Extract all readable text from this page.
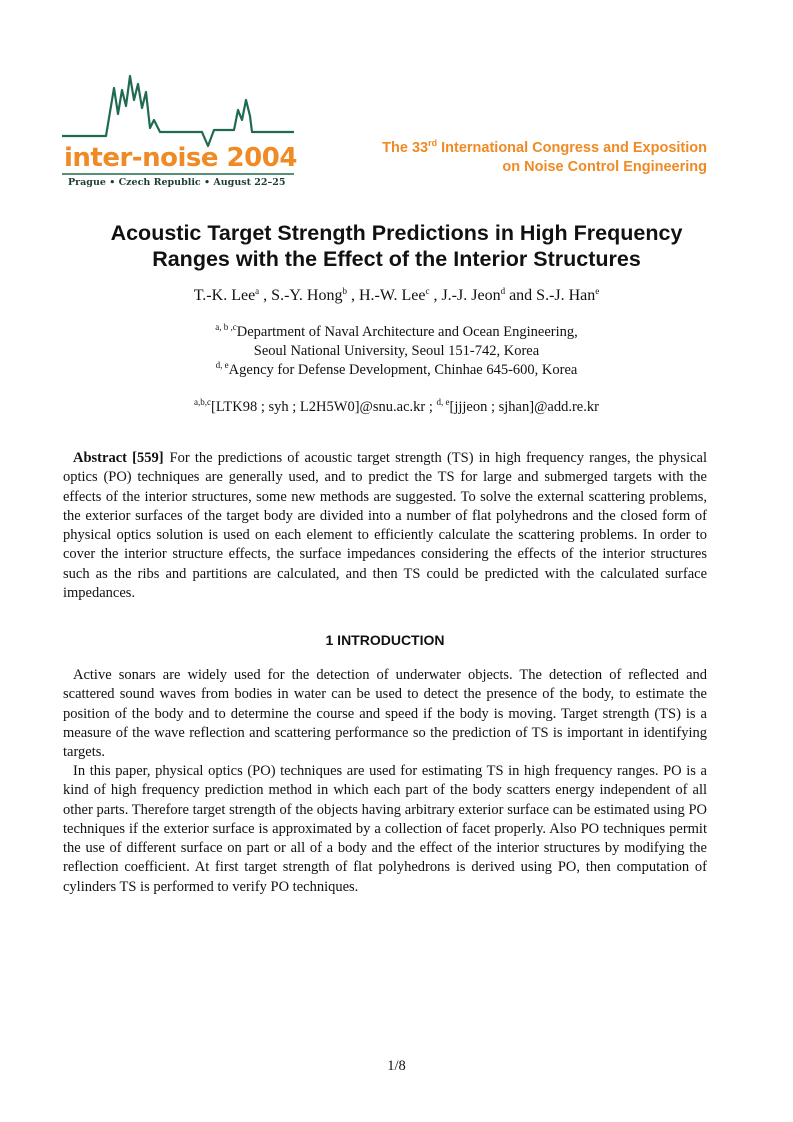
inter-noise 2004
Prague • Czech Republic • August 22–25
The 33rd International Congress and Exposition
on Noise Control Engineering
Acoustic Target Strength Predictions in High Frequency
Ranges with the Effect of the Interior Structures
T.-K. Lee$^a$ , S.-Y. Hong$^b$ , H.-W. Lee$^c$ , J.-J. Jeon$^d$ and S.-J. Han$^e$
$^{a, b ,c}$Department of Naval Architecture and Ocean Engineering,
Seoul National University, Seoul 151-742, Korea
$^{d, e}$Agency for Defense Development, Chinhae 645-600, Korea
$^{a,b,c}$[LTK98 ; syh ; L2H5W0]@snu.ac.kr ; $^{d, e}$[jjjeon ; sjhan]@add.re.kr
Abstract [559] For the predictions of acoustic target strength (TS) in high frequency ranges, the physical optics (PO) techniques are generally used, and to predict the TS for large and submerged targets with the effects of the interior structures, some new methods are suggested. To solve the external scattering problems, the exterior surfaces of the target body are divided into a number of flat polyhedrons and the closed form of physical optics solution is used on each element to efficiently calculate the scattering problems. In order to cover the interior structure effects, the surface impedances considering the effects of the interior structures such as the ribs and partitions are calculated, and then TS could be predicted with the calculated surface impedances.
1 INTRODUCTION
Active sonars are widely used for the detection of underwater objects. The detection of reflected and scattered sound waves from bodies in water can be used to detect the presence of the body, to estimate the position of the body and to determine the course and speed if the body is moving. Target strength (TS) is a measure of the wave reflection and scattering performance so the prediction of TS is important in identifying targets.
In this paper, physical optics (PO) techniques are used for estimating TS in high frequency ranges. PO is a kind of high frequency prediction method in which each part of the body scatters energy independent of all other parts. Therefore target strength of the objects having arbitrary exterior surface can be estimated using PO techniques if the exterior surface is approximated by a collection of facet properly. Also PO techniques permit the use of different surface on part or all of a body and the effect of the interior structures by modifying the reflection coefficient. At first target strength of flat polyhedrons is derived using PO, then computation of cylinders TS is performed to verify PO techniques.
1/8
